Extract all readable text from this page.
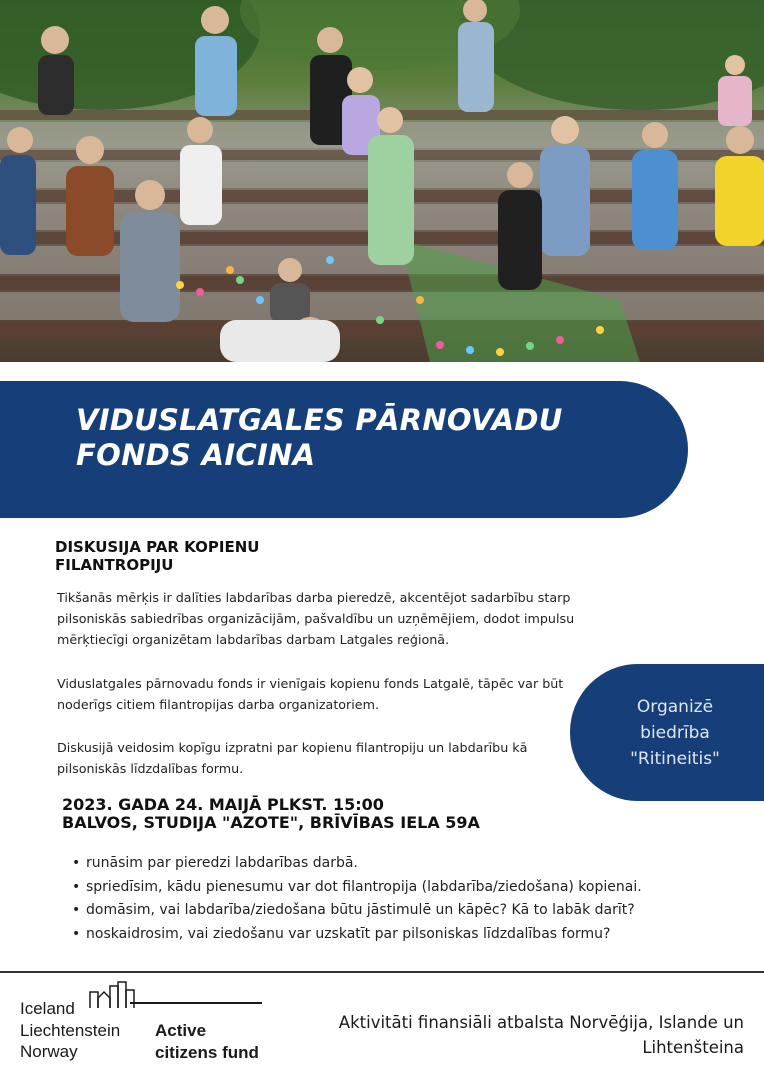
VIDUSLATGALES PĀRNOVADU FONDS AICINA
DISKUSIJA PAR KOPIENU FILANTROPIJU

Tikšanās mērķis ir dalīties labdarības darba pieredzē, akcentējot sadarbību starp pilsoniskās sabiedrības organizācijām, pašvaldību un uzņēmējiem, dodot impulsu mērķtiecīgi organizētam labdarības darbam Latgales reģionā.

Viduslatgales pārnovadu fonds ir vienīgais kopienu fonds Latgalē, tāpēc var būt noderīgs citiem filantropijas darba organizatoriem.

Diskusijā veidosim kopīgu izpratni par kopienu filantropiju un labdarību kā pilsoniskās līdzdalības formu.

Organizē
biedrība
"Ritineitis"
2023. GADA 24. MAIJĀ PLKST. 15:00
BALVOS, STUDIJA "AZOTE", BRĪVĪBAS IELA 59A
• runāsim par pieredzi labdarības darbā.
• spriedīsim, kādu pienesumu var dot filantropija (labdarība/ziedošana) kopienai.
• domāsim, vai labdarība/ziedošana būtu jāstimulē un kāpēc? Kā to labāk darīt?
• noskaidrosim, vai ziedošanu var uzskatīt par pilsoniskas līdzdalības formu?
Iceland
Liechtenstein
Norway
Active
citizens fund
Aktivitāti finansiāli atbalsta Norvēģija, Islande un Lihtenšteina
